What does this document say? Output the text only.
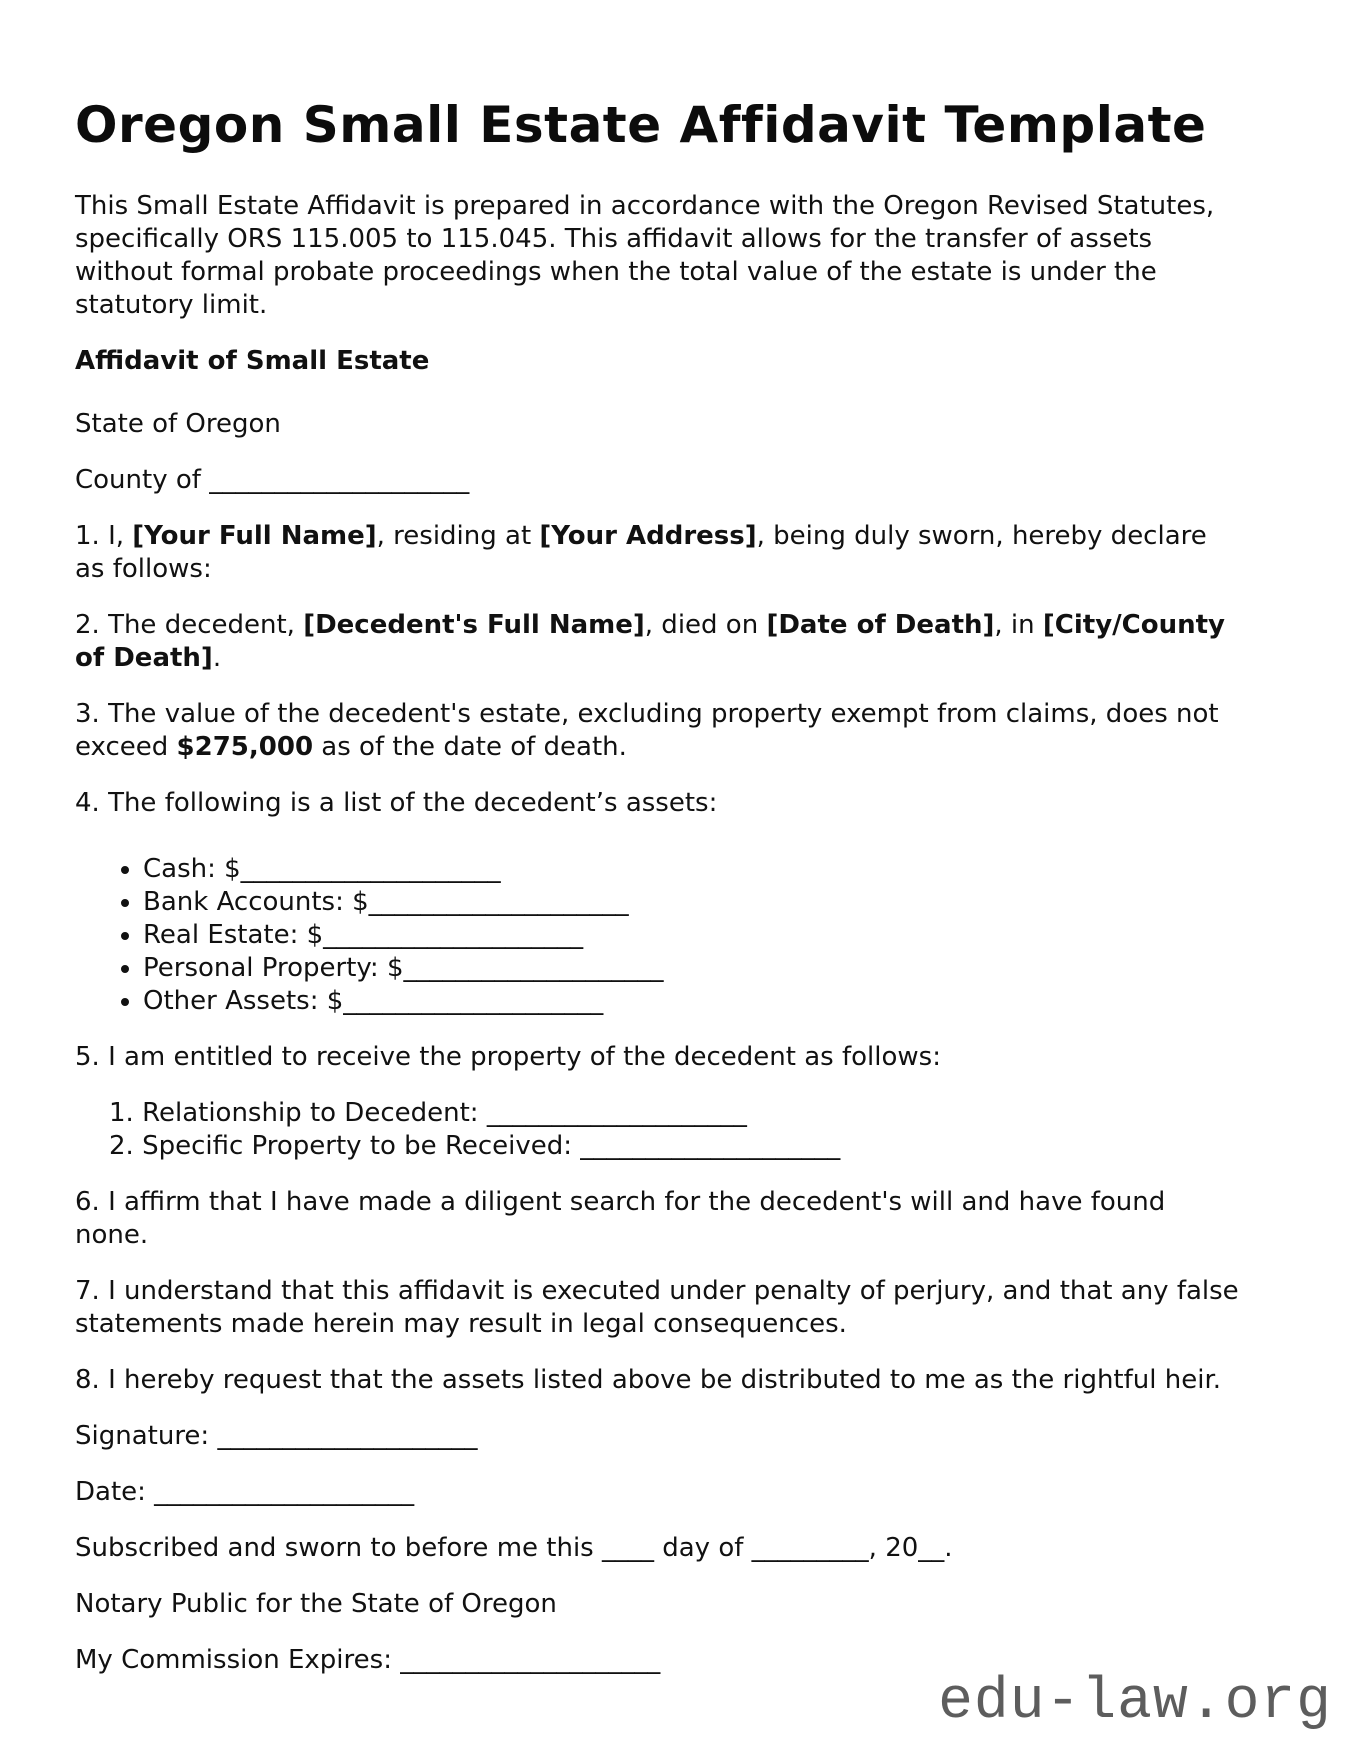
Oregon Small Estate Affidavit Template

This Small Estate Affidavit is prepared in accordance with the Oregon Revised Statutes, specifically ORS 115.005 to 115.045. This affidavit allows for the transfer of assets without formal probate proceedings when the total value of the estate is under the statutory limit.

Affidavit of Small Estate

State of Oregon

County of ____________________

1. I, [Your Full Name], residing at [Your Address], being duly sworn, hereby declare as follows:

2. The decedent, [Decedent's Full Name], died on [Date of Death], in [City/County of Death].

3. The value of the decedent's estate, excluding property exempt from claims, does not exceed $275,000 as of the date of death.

4. The following is a list of the decedent’s assets:

• Cash: $____________________
• Bank Accounts: $____________________
• Real Estate: $____________________
• Personal Property: $____________________
• Other Assets: $____________________

5. I am entitled to receive the property of the decedent as follows:

1. Relationship to Decedent: ____________________
2. Specific Property to be Received: ____________________

6. I affirm that I have made a diligent search for the decedent's will and have found none.

7. I understand that this affidavit is executed under penalty of perjury, and that any false statements made herein may result in legal consequences.

8. I hereby request that the assets listed above be distributed to me as the rightful heir.

Signature: ____________________

Date: ____________________

Subscribed and sworn to before me this ____ day of _________, 20__.

Notary Public for the State of Oregon

My Commission Expires: ____________________

edu-law.org
